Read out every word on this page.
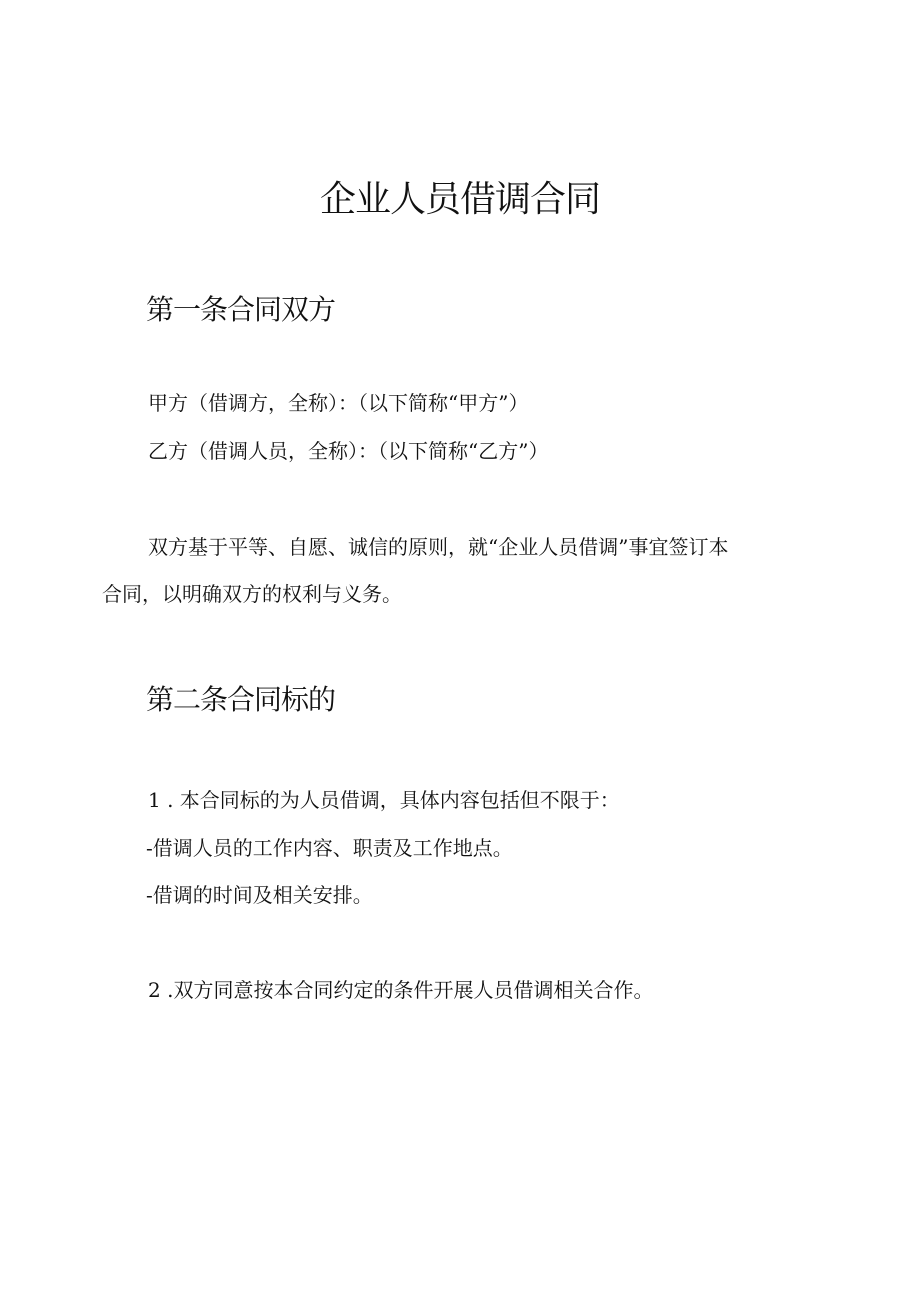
企业人员借调合同
第一条合同双方

甲方（借调方，全称）：（以下简称“甲方”）

乙方（借调人员，全称）：（以下简称“乙方”）

双方基于平等、自愿、诚信的原则，就“企业人员借调”事宜签订本

合同，以明确双方的权利与义务。

第二条合同标的

1 . 本合同标的为人员借调，具体内容包括但不限于：

-借调人员的工作内容、职责及工作地点。

-借调的时间及相关安排。

2 .双方同意按本合同约定的条件开展人员借调相关合作。
